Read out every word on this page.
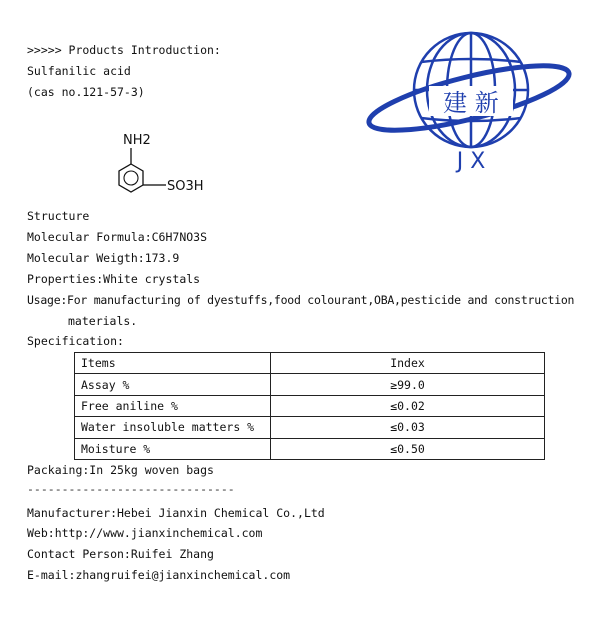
>>>>> Products Introduction:
Sulfanilic acid
(cas no.121-57-3)	建 新
J X
NH2
SO3H
Structure
Molecular Formula:C6H7NO3S
Molecular Weigth:173.9
Properties:White crystals
Usage:For manufacturing of dyestuffs,food colourant,OBA,pesticide and construction
materials.
Specification:
Items	Index
Assay %	≥99.0
Free aniline %	≤0.02
Water insoluble matters %	≤0.03
Moisture %	≤0.50
Packaing:In 25kg woven bags
------------------------------
Manufacturer:Hebei Jianxin Chemical Co.,Ltd
Web:http://www.jianxinchemical.com
Contact Person:Ruifei Zhang
E-mail:zhangruifei@jianxinchemical.com
